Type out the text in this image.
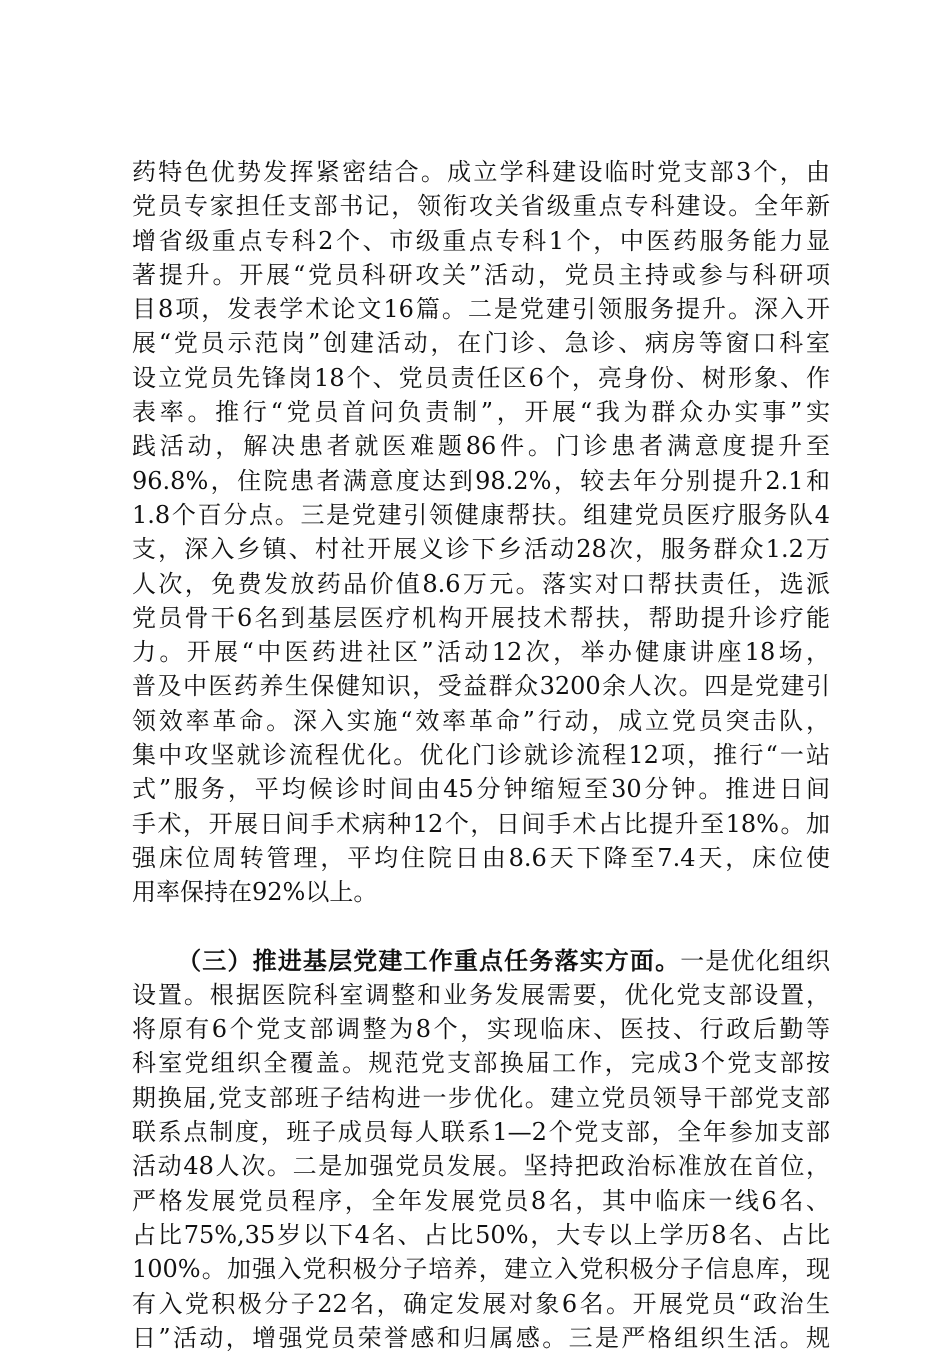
药特色优势发挥紧密结合。成立学科建设临时党支部3个，由
党员专家担任支部书记，领衔攻关省级重点专科建设。全年新
增省级重点专科2个、市级重点专科1个，中医药服务能力显
著提升。开展“党员科研攻关”活动，党员主持或参与科研项
目8项，发表学术论文16篇。二是党建引领服务提升。深入开
展“党员示范岗”创建活动，在门诊、急诊、病房等窗口科室
设立党员先锋岗18个、党员责任区6个，亮身份、树形象、作
表率。推行“党员首问负责制”，开展“我为群众办实事”实
践活动，解决患者就医难题86件。门诊患者满意度提升至
96.8%，住院患者满意度达到98.2%，较去年分别提升2.1和
1.8个百分点。三是党建引领健康帮扶。组建党员医疗服务队4
支，深入乡镇、村社开展义诊下乡活动28次，服务群众1.2万
人次，免费发放药品价值8.6万元。落实对口帮扶责任，选派
党员骨干6名到基层医疗机构开展技术帮扶，帮助提升诊疗能
力。开展“中医药进社区”活动12次，举办健康讲座18场，
普及中医药养生保健知识，受益群众3200余人次。四是党建引
领效率革命。深入实施“效率革命”行动，成立党员突击队，
集中攻坚就诊流程优化。优化门诊就诊流程12项，推行“一站
式”服务，平均候诊时间由45分钟缩短至30分钟。推进日间
手术，开展日间手术病种12个，日间手术占比提升至18%。加
强床位周转管理，平均住院日由8.6天下降至7.4天，床位使
用率保持在92%以上。
（三）推进基层党建工作重点任务落实方面。一是优化组织
设置。根据医院科室调整和业务发展需要，优化党支部设置，
将原有6个党支部调整为8个，实现临床、医技、行政后勤等
科室党组织全覆盖。规范党支部换届工作，完成3个党支部按
期换届,党支部班子结构进一步优化。建立党员领导干部党支部
联系点制度，班子成员每人联系1—2个党支部，全年参加支部
活动48人次。二是加强党员发展。坚持把政治标准放在首位，
严格发展党员程序，全年发展党员8名，其中临床一线6名、
占比75%,35岁以下4名、占比50%，大专以上学历8名、占比
100%。加强入党积极分子培养，建立入党积极分子信息库，现
有入党积极分子22名，确定发展对象6名。开展党员“政治生
日”活动，增强党员荣誉感和归属感。三是严格组织生活。规
